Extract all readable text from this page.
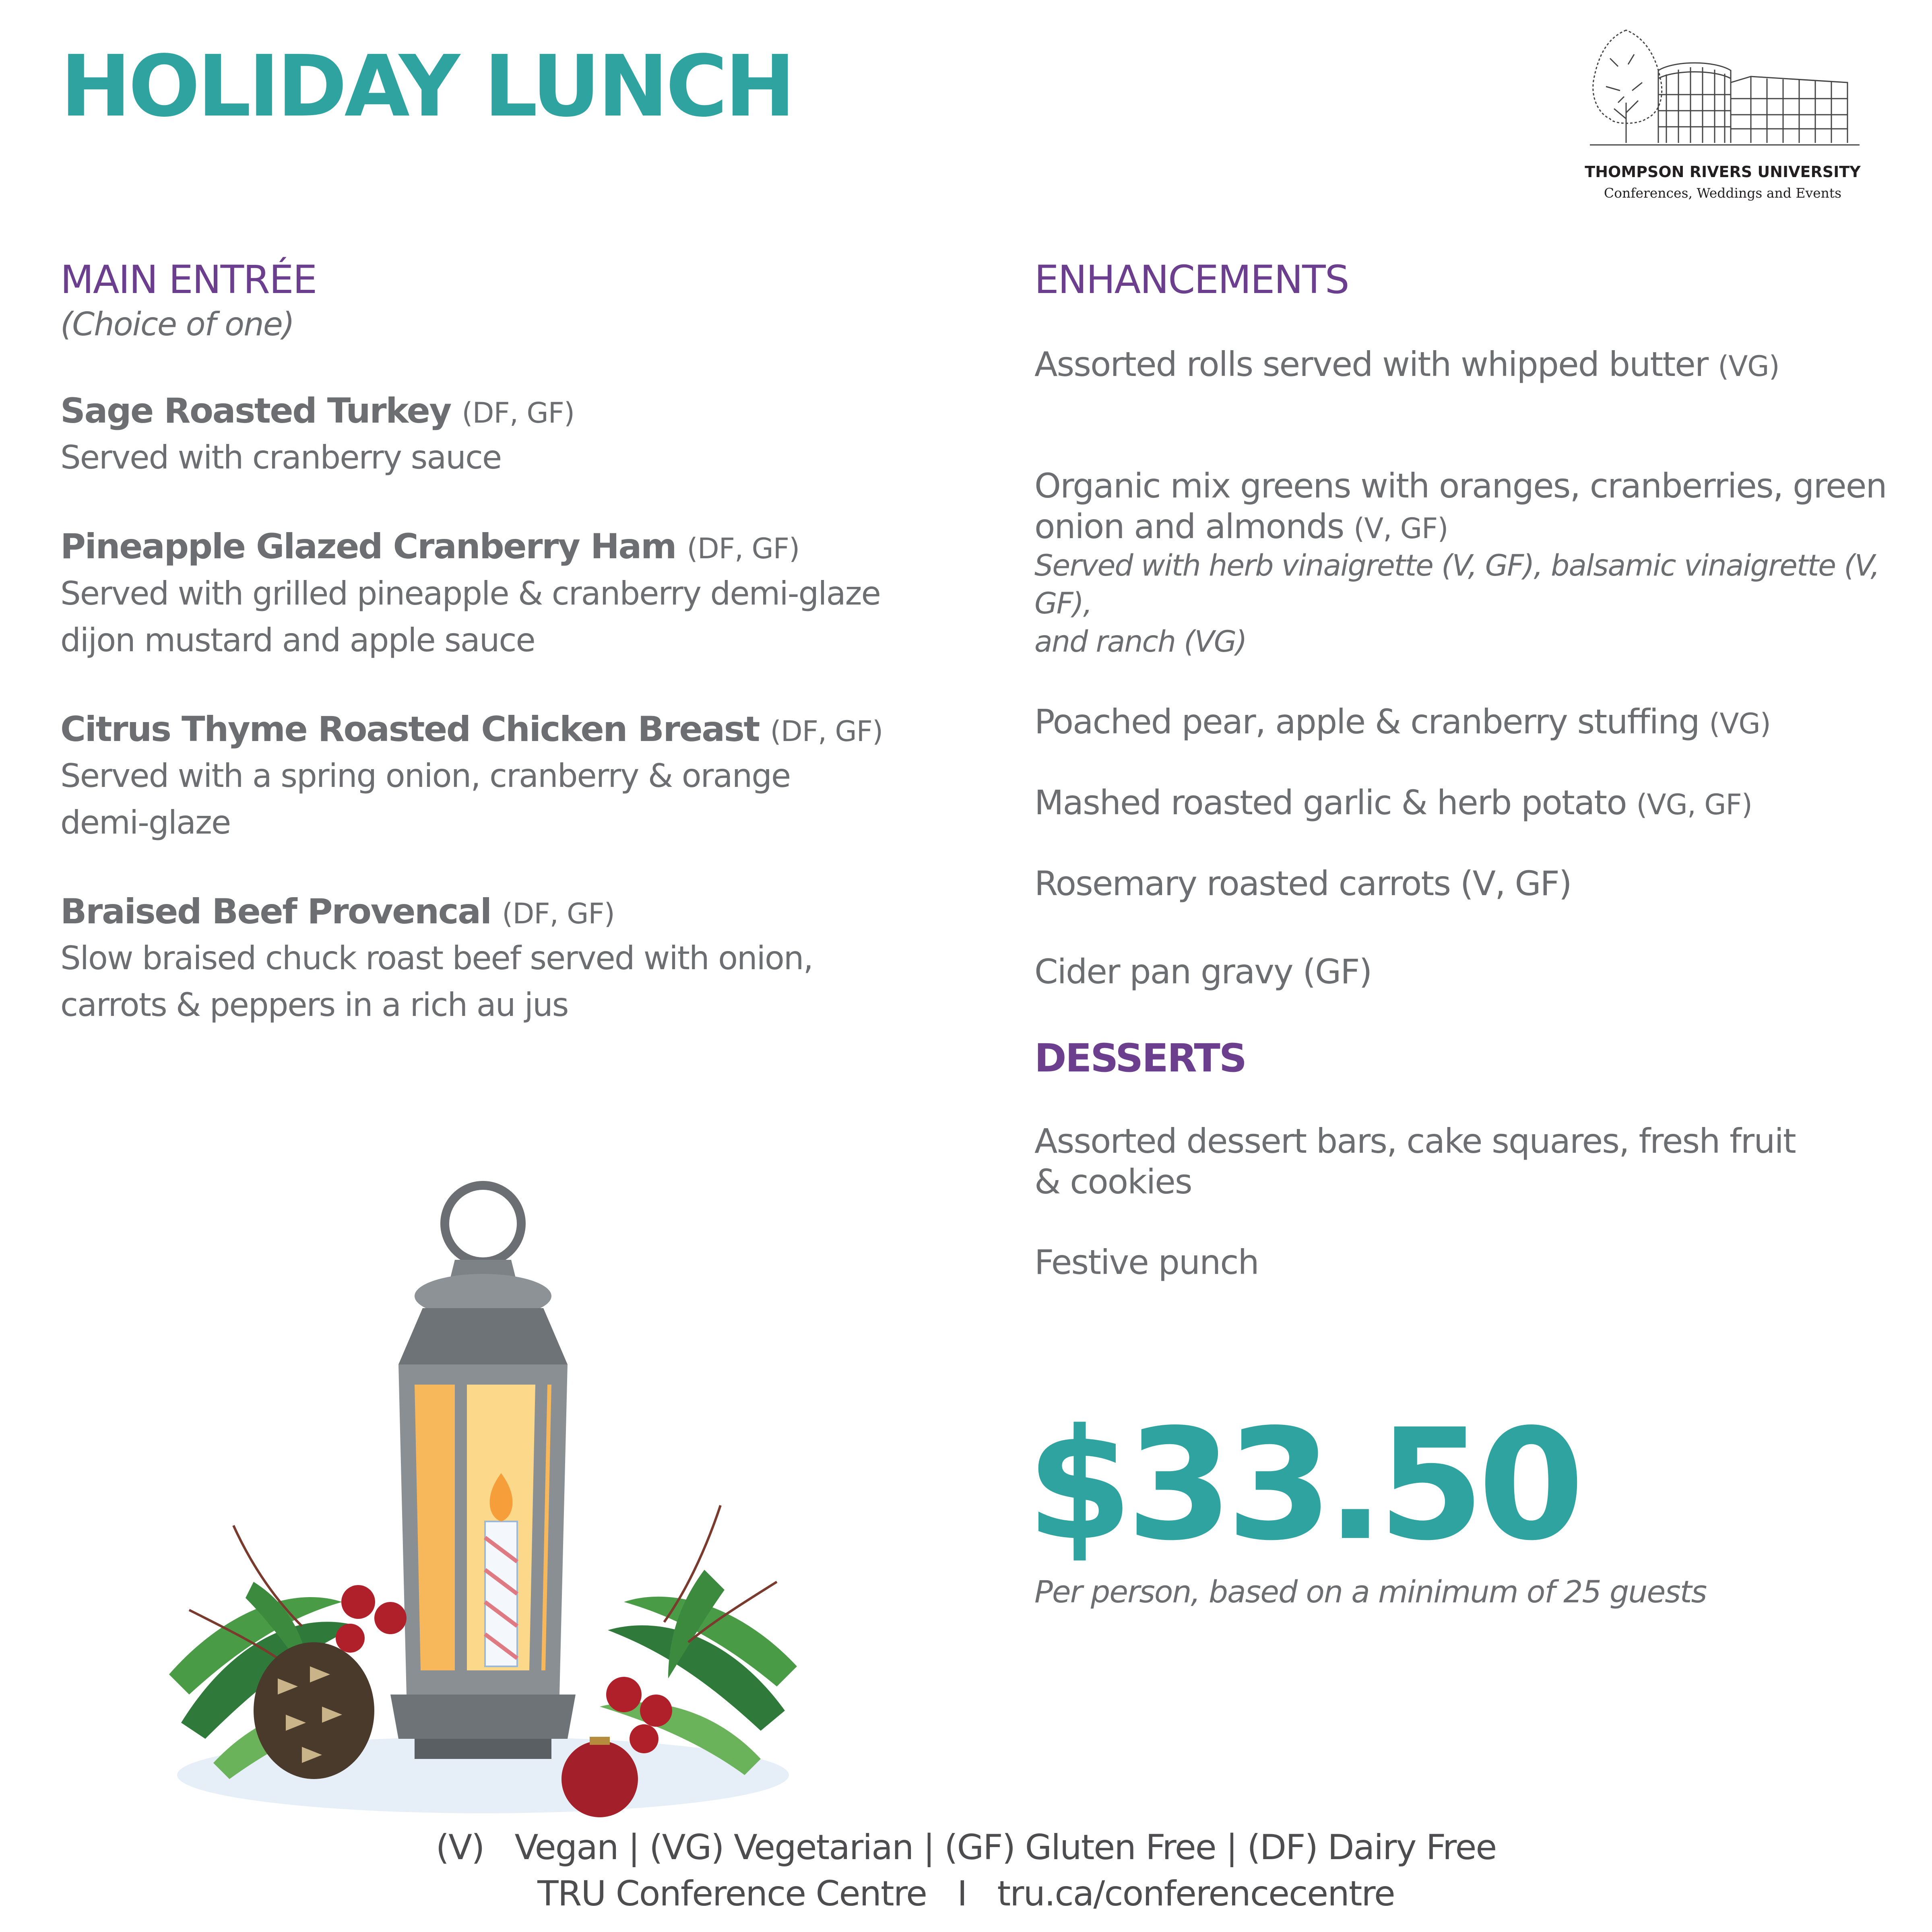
HOLIDAY LUNCH
THOMPSON RIVERS UNIVERSITY
Conferences, Weddings and Events
MAIN ENTRÉE
(Choice of one)
Sage Roasted Turkey (DF, GF)
Served with cranberry sauce
Pineapple Glazed Cranberry Ham (DF, GF)
Served with grilled pineapple & cranberry demi-glaze
dijon mustard and apple sauce
Citrus Thyme Roasted Chicken Breast (DF, GF)
Served with a spring onion, cranberry & orange
demi-glaze
Braised Beef Provencal (DF, GF)
Slow braised chuck roast beef served with onion,
carrots & peppers in a rich au jus
ENHANCEMENTS
Assorted rolls served with whipped butter (VG)

Organic mix greens with oranges, cranberries, green
onion and almonds (V, GF)

Served with herb vinaigrette (V, GF), balsamic vinaigrette (V, GF),
and ranch (VG)
Poached pear, apple & cranberry stuffing (VG)
Mashed roasted garlic & herb potato (VG, GF)
Rosemary roasted carrots (V, GF)
Cider pan gravy (GF)
DESSERTS
Assorted dessert bars, cake squares, fresh fruit
& cookies
Festive punch
$33.50
Per person, based on a minimum of 25 guests
(V)   Vegan | (VG) Vegetarian | (GF) Gluten Free | (DF) Dairy Free
TRU Conference Centre   I   tru.ca/conferencecentre
